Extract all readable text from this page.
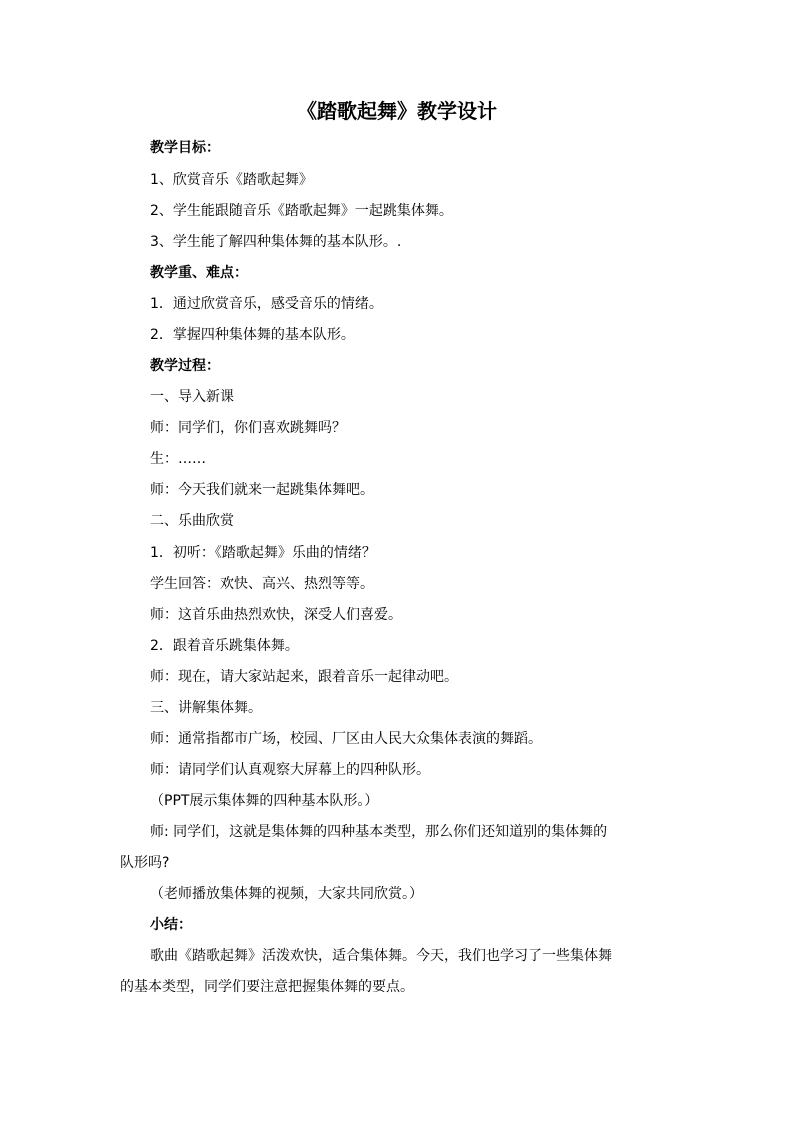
《踏歌起舞》教学设计
教学目标：
1、欣赏音乐《踏歌起舞》
2、学生能跟随音乐《踏歌起舞》一起跳集体舞。
3、学生能了解四种集体舞的基本队形。.
教学重、难点：
1．通过欣赏音乐，感受音乐的情绪。
2．掌握四种集体舞的基本队形。
教学过程：
一、导入新课
师：同学们，你们喜欢跳舞吗？
生：……
师：今天我们就来一起跳集体舞吧。
二、乐曲欣赏
1．初听：《踏歌起舞》乐曲的情绪？
学生回答：欢快、高兴、热烈等等。
师：这首乐曲热烈欢快，深受人们喜爱。
2．跟着音乐跳集体舞。
师：现在，请大家站起来，跟着音乐一起律动吧。
三、讲解集体舞。
师：通常指都市广场，校园、厂区由人民大众集体表演的舞蹈。
师：请同学们认真观察大屏幕上的四种队形。
（PPT展示集体舞的四种基本队形。）
师: 同学们，这就是集体舞的四种基本类型，那么你们还知道别的集体舞的
队形吗?
（老师播放集体舞的视频，大家共同欣赏。）
小结：
歌曲《踏歌起舞》活泼欢快，适合集体舞。今天，我们也学习了一些集体舞
的基本类型，同学们要注意把握集体舞的要点。
